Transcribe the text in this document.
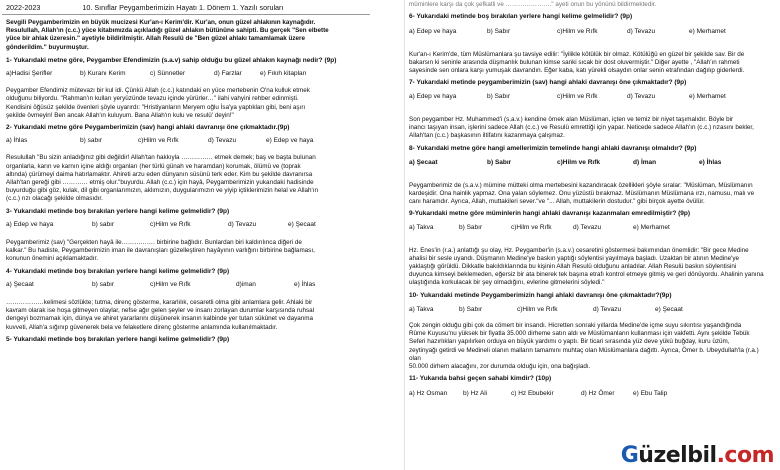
2022-2023	10. Sınıflar Peygamberimizin Hayatı 1. Dönem 1. Yazılı soruları

Sevgili Peygamberimizin en büyük mucizesi Kur'an-ı Kerim'dir. Kur'an, onun güzel ahlakının kaynağıdır.

Resulullah, Allah'ın (c.c.) yüce kitabımızda açıkladığı güzel ahlakın bütününe sahipti. Bu gerçek "Sen elbette

yüce bir ahlak üzeresin." ayetiyle bildirilmiştir. Allah Resulü de "Ben güzel ahlakı tamamlamak üzere

gönderildim." buyurmuştur.

1- Yukarıdaki metne göre, Peygamber Efendimizin (s.a.v) sahip olduğu bu güzel ahlakın kaynağı nedir? (9p)

a)Hadisi Şerifler	b) Kuranı Kerim	c) Sünnetler	d) Farzlar	e) Fıkıh kitapları

Peygamber Efendimiz mütevazı bir kul idi. Çünkü Allah (c.c.) katındaki en yüce mertebenin O'na kulluk etmek

olduğunu biliyordu. "Rahman'ın kulları yeryüzünde tevazu içinde yürürler…" ilahi vahyini rehber edinmişti.

Kendisini öğüsüz şekilde övenleri şöyle uyarırdı: "Hristiyanların Meryem oğlu İsa'ya yaptıkları gibi, beni aşırı

şekilde övmeyin! Ben ancak Allah'ın kuluyum. Bana Allah'ın kulu ve resulü' deyin!"

2- Yukarıdaki metne göre Peygamberimizin (sav) hangi ahlaki davranışı öne çıkmaktadır.(9p)

a) İhlas	b) sabır	c)Hilm ve Rıfk	d) Tevazu	e) Edep ve haya

Resulullah "Bu sizin anladığınız gibi değildir! Allah'tan hakkıyla …………… etmek demek; baş ve başta bulunan

organlarla, karın ve karnın içine aldığı organları (her türlü günah ve haramdan) korumak, ölümü ve (toprak

altında) çürümeyi daima hatırlamaktır. Ahireti arzu eden dünyanın süsünü terk eder. Kim bu şekilde davranırsa

Allah'tan gereği gibi ………… etmiş olur."buyurdu. Allah (c.c.) için hayâ, Peygamberimizin yukarıdaki hadisinde

buyurduğu gibi göz, kulak, dil gibi organlarımızın, aklımızın, duygularımızın ve yiyip içtiklerimizin helal ve Allah'ın

(c.c.) rızı olacağı şekilde olmasıdır.

3- Yukarıdaki metinde boş bırakılan yerlere hangi kelime gelmelidir? (9p)

a) Edep ve haya	b) sabır	c)Hilm ve Rıfk	d) Tevazu	e) Şecaat

Peygamberimiz (sav) "Gerçekten hayâ ile……………. birbirine bağlıdır. Bunlardan biri kaldırılınca diğeri de

kalkar." Bu hadiste, Peygamberimizin iman ile davranışları güzelleştiren hayâyının varlığını birbirine bağlaması,

konunun önemini açıklamaktadır.

4- Yukarıdaki metinde boş bırakılan yerlere hangi kelime gelmelidir? (9p)

a) Şecaat	b) sabır	c)Hilm ve Rıfk	d)iman	e) İhlas

………………kelimesi sözlükte; tutma, direnç gösterme, kararlılık, cesaretli olma gibi anlamlara gelir. Ahlaki bir

kavram olarak ise hoşa gitmeyen olaylar, nefse ağır gelen şeyler ve insanı zorlayan durumlar karşısında ruhsal

dengeyi bozmamak için, dünya ve ahiret yararlarını düşünerek insanın kalbinde yer tutan sükûnet ve dayanma

kuvveti, Allah'a sığınıp güvenerek bela ve felaketlere direnç gösterme anlamında kullanılmaktadır.

5- Yukarıdaki metinde boş bırakılan yerlere hangi kelime gelmelidir? (9p)

müminlere karşı da çok şefkatli ve …………………." ayeti onun bu yönünü bildirmektedir.

6- Yukarıdaki metinde boş bırakılan yerlere hangi kelime gelmelidir? (9p)

a) Edep ve haya	b) Sabır	c)Hilm ve Rıfk	d) Tevazu	e) Merhamet

Kur'an-ı Kerim'de, tüm Müslümanlara şu tavsiye edilir: "İyilikle kötülük bir olmaz. Kötülüğü en güzel bir şekilde sav. Bir de

bakarsın ki seninle arasında düşmanlık bulunan kimse sanki sıcak bir dost oluvermiştir." Diğer ayette , "Allah'ın rahmeti

sayesinde sen onlara karşı yumuşak davrandın. Eğer kaba, katı yürekli olsaydın onlar senin etrafından dağılıp giderlerdi.

7- Yukarıdaki metinde peygamberimizin (sav) hangi ahlaki davranışı öne çıkmaktadır? (9p)

a) Edep ve haya	b) Sabır	c)Hilm ve Rıfk	d) Tevazu	e) Merhamet

Son peygamber Hz. Muhammed'i (s.a.v.) kendine örnek alan Müslüman, içten ve temiz bir niyet taşımalıdır. Böyle bir

inancı taşıyan insan, işlerini sadece Allah (c.c.) ve Resulü emrettiği için yapar. Neticede sadece Allah'ın (c.c.) rızasını bekler,

Allah'tan (c.c.) başkasının iltifatını kazanmaya çalışmaz.

8- Yukarıdaki metne göre hangi amellerimizin temelinde hangi ahlaki davranışı olmalıdır? (9p)

a) Şecaat	b) Sabır	c)Hilm ve Rıfk	d) İman	e) İhlas

Peygamberimiz de (s.a.v.) mümine mütteki olma mertebesini kazandıracak özellikleri şöyle sıralar: "Müslüman, Müslümanın

kardeşidir. Ona hainlik yapmaz. Ona yalan söylemez. Onu yüzüstü bırakmaz. Müslümanın Müslümana ırzı, namusu, malı ve

canı haramdır. Ayrıca, Allah, muttakileri sever."ve "... Allah, muttakilerin dostudur." gibi birçok ayette övülür.

9-Yukarıdaki metne göre müminlerin hangi ahlaki davranışı kazanmaları emredilmiştir? (9p)

a) Takva	b) Sabır	c)Hilm ve Rıfk	d) Tevazu	e) Merhamet

Hz. Enes'in (r.a.) anlattığı şu olay, Hz. Peygamber'in (s.a.v.) cesaretini göstermesi bakımından önemlidir: "Bir gece Medine

ahalisi bir sesle uyandı. Düşmanın Medine'ye baskın yaptığı söylentisi yayılmaya başladı. Uzaktan bir atının Medine'ye

yaklaştığı görüldü. Dikkatle bakıldıklarında bu kişinin Allah Resulü olduğunu anladılar. Allah Resulü baskın söylentisini

duyunca kimseyi beklemeden, eğersiz bir ata binerek tek başına etrafı kontrol etmeye gitmiş ve geri dönüyordu. Ahalinin yanına

ulaştığında korkulacak bir şey olmadığını, evlerine gitmelerini söyledi."

10- Yukarıdaki metinde Peygamberimizin hangi ahlaki davranışı öne çıkmaktadır?(9p)

a) Takva	b) Sabır	c)Hilm ve Rıfk	d) Tevazu	e) Şecaat

Çok zengin olduğu gibi çok da cömert bir insandı. Hicretten sonraki yıllarda Medine'de içme suyu sıkıntısı yaşandığında

Rûme Kuyusu'nu yüksek bir fiyatla 35.000 dirheme satın aldı ve Müslümanların kullanması için vakfetti. Aynı şekilde Tebük

Seferi hazırlıkları yapılırken orduya en büyük yardımı o yaptı. Bir ticari sırasında yüz deve yükü buğday, kuru üzüm,

zeytinyağı getirdi ve Medineli olanın malların tamamını muhtaç olan Müslümanlara dağıttı. Ayrıca, Ömer b. Ubeydullah'la (r.a.) olan

50.000 dirhem alacağını, zor durumda olduğu için, ona bağışladı.

11- Yukarıda bahsi geçen sahabi kimdir? (10p)

a) Hz Osman	b) Hz Ali	c) Hz Ebubekir	d) Hz Ömer	e) Ebu Talip
Güzelbil.com
